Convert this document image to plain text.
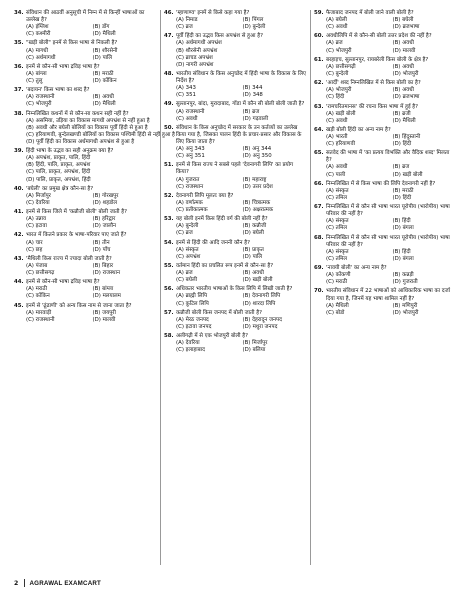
34. संविधान की आठवीं अनुसूची में निम्न में से किन्हीं भाषाओं का उल्लेख है?
(A) इंग्लिश	(B) डोंग
(C) कश्मीरी	(D) मैथिली
35. "खड़ी बोली" इनमें से किस भाषा से निकली है?
(A) मागधी	(B) शौरसेनी
(C) अर्धमागधी	(D) पालि
36. इनमें से कौन-सी भाषा द्रविड़ भाषा है?
(A) बांग्ला	(B) मराठी
(C) तुलु	(D) कोंकिन
37. 'बदायन' किस भाषा का शब्द है?
(A) राजस्थानी	(B) अवधी
(C) भोजपुरी	(D) मैथिली
38. निम्नलिखित कथनों में से कौन-सा कथन सही नहीं है?
(A) असमिया, उड़िया का विकास मागधी अपभ्रंश से नहीं हुआ है
(B) अवधी और बघेली बोलियों का विकास पूर्वी हिंदी से हुआ है
(C) हरियाणवी, बुन्देलखण्डी बोलियों का विकास पश्चिमी हिंदी से नहीं हुआ है
(D) पूर्वी हिंदी का विकास अर्धमागधी अपभ्रंश से हुआ है
39. हिंदी भाषा के उद्भव का सही अनुक्रम क्या है?
(A) अपभ्रंश, प्राकृत, पालि, हिंदी
(B) हिंदी, पालि, प्राकृत, अपभ्रंश
(C) पालि, प्राकृत, अपभ्रंश, हिंदी
(D) पालि, प्राकृत, अपभ्रंश, हिंदी
40. 'बघेली' का प्रमुख क्षेत्र कौन-सा है?
(A) मिर्जापुर	(B) गोरखपुर
(C) देवरिया	(D) शहडोल
41. इनमें से किस जिले में 'कन्नौजी बोली' बोली जाती है?
(A) उन्नाव	(B) हरिद्वार
(C) इटावा	(D) जालौन
42. भारत में कितने प्रकार के भाषा-परिवार पाए जाते हैं?
(A) चार	(B) तीन
(C) छह	(D) पाँच
43. 'मैथिली किस राज्य में ज्यादा बोली जाती है?
(A) पंजाब	(B) बिहार
(C) छत्तीसगढ़	(D) राजस्थान
44. इनमें से कौन-सी भाषा द्रविड़ भाषा है?
(A) मराठी	(B) बांग्ला
(C) कोंकिन	(D) मलयालम
45. इनमें से 'ढूंढाणी' को अन्य किस नाम से जाना जाता है?
(A) मारवाड़ी	(B) जयपुरी
(C) राजस्थानी	(D) मालवी
46. 'म्हाणाण्व' इनमें से किसे कहा गया है?
(A) निमाड	(B) पिंगल
(C) ब्रज	(D) बुन्देली
47. पूर्वी हिंदी का उद्भव किस अपभ्रंश से हुआ है?
(A) अर्धमागधी अपभ्रंश
(B) शौरसेनी अपभ्रंश
(C) ब्राचड अपभ्रंश
(D) नागरी अपभ्रंश
48. भारतीय संविधान के किस अनुच्छेद में हिंदी भाषा के विकास के लिए निर्देश है?
(A) 343	(B) 344
(C) 351	(D) 348
49. सुल्तानपुर, बांदा, मुरादाबाद, गोंडा में कौन सी बोली बोली जाती है?
(A) राजस्थानी	(B) ब्रज
(C) अवधी	(D) गढ़वाली
50. संविधान के किस अनुच्छेद में सरकार के उन कर्तव्यों का उल्लेख किया गया है, जिसका पालन हिंदी के प्रचार-प्रसार और विकास के लिए किया जाता है?
(A) अनु 343	(B) अनु 344
(C) अनु 351	(D) अनु 350
51. इनमें से किस राज्य ने सबसे पहले 'देवनागरी लिपि' का प्रयोग किया?
(A) गुजरात	(B) महाराष्ट्र
(C) राजस्थान	(D) उत्तर प्रदेश
52. देवनागरी लिपि मूलतः क्या है?
(A) वर्णात्मक	(B) चित्रात्मक
(C) प्रतीकात्मक	(D) अक्षरात्मक
53. यह बोली इनमें किस हिंदी वर्ग की बोली नहीं है?
(A) बुन्देली	(B) कन्नौजी
(C) ब्रज	(D) बघेली
54. इनमें से हिंदी की आदि जननी कौन है?
(A) संस्कृत	(B) प्राकृत
(C) अपभ्रंश	(D) पालि
55. वर्तमान हिंदी का प्रचलित रूप इनमें से कौन-सा है?
(A) ब्रज	(B) अवधी
(C) बघेली	(D) खड़ी बोली
56. अधिकतर भारतीय भाषाओं के किस लिपि में लिखी जाती है?
(A) ब्राह्मी लिपि	(B) देवनागरी लिपि
(C) कुटिल लिपि	(D) शारदा लिपि
57. कन्नौजी बोली किस जनपद में बोली जाती है?
(A) मेरठ जनपद	(B) देहरादून जनपद
(C) इटावा जनपद	(D) मथुरा जनपद
58. अलीगढ़ी में से एक भोजपुरी बोली है?
(A) देवरिया	(B) मिर्जापुर
(C) इलाहाबाद	(D) बलिया
59. फैजाबाद जनपद में बोली जाने वाली बोली है?
(A) बघेली	(B) बघेली
(C) अवधी	(D) ब्रजभाषा
60. अवधीलिपि में से कौन-सी बोली उत्तर प्रदेश की नहीं है?
(A) ब्रज	(B) अवधी
(C) भोजपुरी	(D) मालवी
61. बरहाइच, सुल्तानपुर, रायबरेली किस बोली के क्षेत्र है?
(A) छत्तीसगढ़ी	(B) अवधी
(C) बुन्देली	(D) भोजपुरी
62. 'आर्दी' शब्द निम्नलिखित में से किस बोली का है?
(A) भोजपुरी	(B) अवधी
(C) हिंदी	(D) ब्रजभाषा
63. 'रामचरितमानस' की रचना किस भाषा में हुई है?
(A) खड़ी बोली	(B) ब्रजी
(C) अवधी	(D) मैथिली
64. खड़ी बोली हिंदी का अन्य नाम है?
(A) भारती	(B) हिंदुस्तानी
(C) हरियाणवी	(D) हिंदी
65. सतवेद की भाषा में 'का प्रत्यय विभक्ति और वैदिक शब्द' मिलता है?
(A) अवधी	(B) ब्रज
(C) पाली	(D) खड़ी बोली
66. निम्नलिखित में से किस भाषा की लिपि देवनागरी नहीं है?
(A) संस्कृत	(B) मराठी
(C) तमिल	(D) हिंदी
67. निम्नलिखित में से कौन सी भाषा भारत यूरोपीय (भारोपीय) भाषा परिवार की नहीं है?
(A) संस्कृत	(B) हिंदी
(C) तमिल	(D) बंगला
68. निम्नलिखित में से कौन सी भाषा भारत यूरोपीय (भारोपीय) भाषा परिवार की नहीं है?
(A) संस्कृत	(B) हिंदी
(C) तमिल	(D) बंगला
69. 'नावयी बोली' का अन्य नाम है?
(A) कोंकणी	(B) कन्नड़ी
(C) मराठी	(D) गुजराती
70. भारतीय संविधान में 22 भाषाओं को आधिकारिक भाषा का दर्जा दिया गया है, जिनमें यह भाषा शामिल नहीं है?
(A) मैथिली	(B) मणिपुरी
(C) बोडो	(D) भोजपुरी
2 AGRAWAL EXAMCART
